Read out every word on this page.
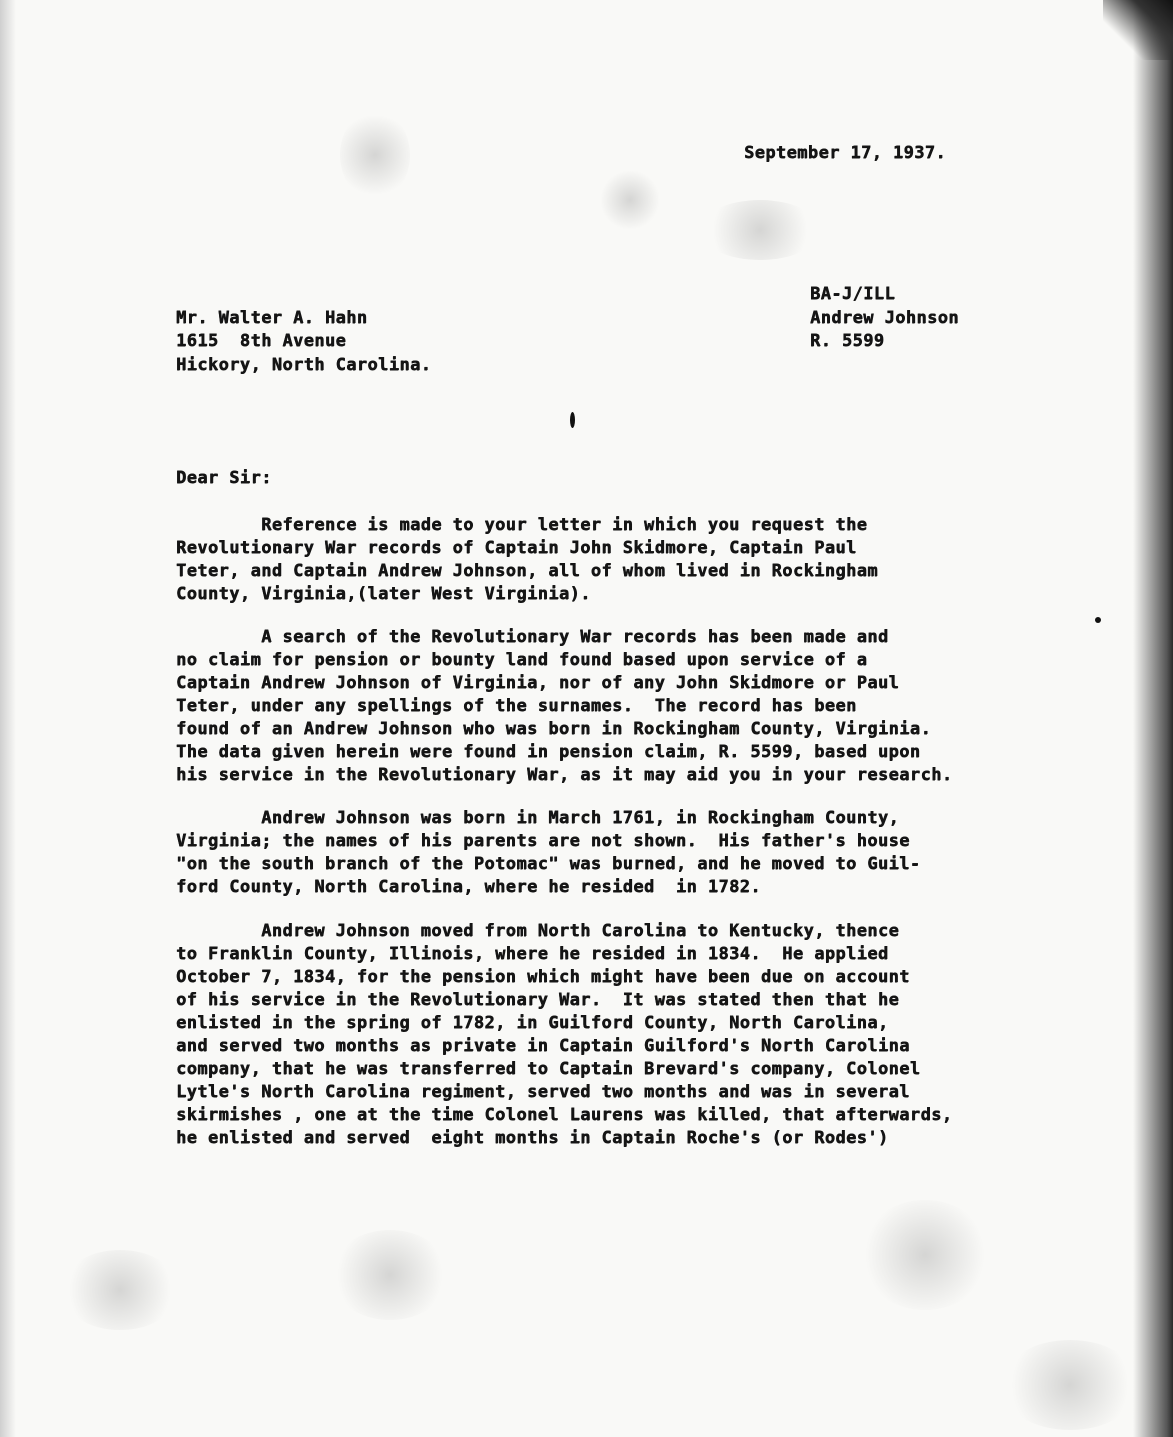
September 17, 1937.
BA-J/ILL
Andrew Johnson
R. 5599
Mr. Walter A. Hahn
1615  8th Avenue
Hickory, North Carolina.
Dear Sir:
Reference is made to your letter in which you request the
Revolutionary War records of Captain John Skidmore, Captain Paul
Teter, and Captain Andrew Johnson, all of whom lived in Rockingham
County, Virginia,(later West Virginia).
A search of the Revolutionary War records has been made and
no claim for pension or bounty land found based upon service of a
Captain Andrew Johnson of Virginia, nor of any John Skidmore or Paul
Teter, under any spellings of the surnames.  The record has been
found of an Andrew Johnson who was born in Rockingham County, Virginia.
The data given herein were found in pension claim, R. 5599, based upon
his service in the Revolutionary War, as it may aid you in your research.
Andrew Johnson was born in March 1761, in Rockingham County,
Virginia; the names of his parents are not shown.  His father's house
"on the south branch of the Potomac" was burned, and he moved to Guil-
ford County, North Carolina, where he resided  in 1782.
Andrew Johnson moved from North Carolina to Kentucky, thence
to Franklin County, Illinois, where he resided in 1834.  He applied
October 7, 1834, for the pension which might have been due on account
of his service in the Revolutionary War.  It was stated then that he
enlisted in the spring of 1782, in Guilford County, North Carolina,
and served two months as private in Captain Guilford's North Carolina
company, that he was transferred to Captain Brevard's company, Colonel
Lytle's North Carolina regiment, served two months and was in several
skirmishes , one at the time Colonel Laurens was killed, that afterwards,
he enlisted and served  eight months in Captain Roche's (or Rodes')
